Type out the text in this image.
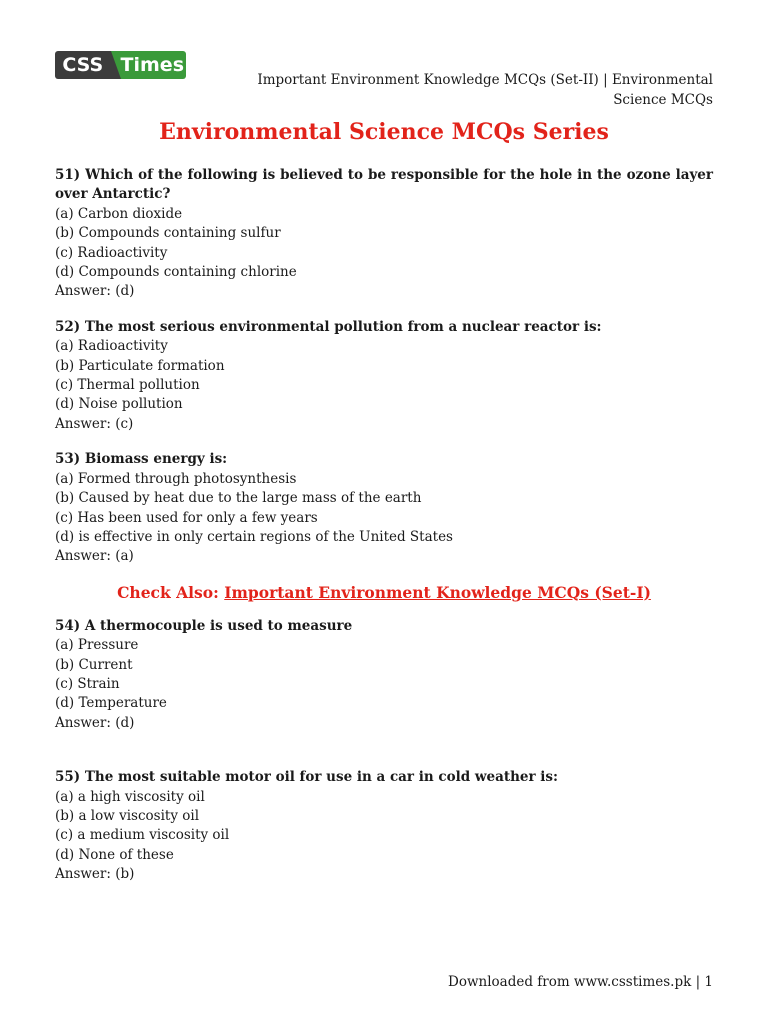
CSS Times
Important Environment Knowledge MCQs (Set-II) | Environmental
Science MCQs
Environmental Science MCQs Series
51) Which of the following is believed to be responsible for the hole in the ozone layer over Antarctic?
(a) Carbon dioxide
(b) Compounds containing sulfur
(c) Radioactivity
(d) Compounds containing chlorine
Answer: (d)
52) The most serious environmental pollution from a nuclear reactor is:
(a) Radioactivity
(b) Particulate formation
(c) Thermal pollution
(d) Noise pollution
Answer: (c)
53) Biomass energy is:
(a) Formed through photosynthesis
(b) Caused by heat due to the large mass of the earth
(c) Has been used for only a few years
(d) is effective in only certain regions of the United States
Answer: (a)
Check Also: Important Environment Knowledge MCQs (Set-I)
54) A thermocouple is used to measure
(a) Pressure
(b) Current
(c) Strain
(d) Temperature
Answer: (d)
55) The most suitable motor oil for use in a car in cold weather is:
(a) a high viscosity oil
(b) a low viscosity oil
(c) a medium viscosity oil
(d) None of these
Answer: (b)
Downloaded from www.csstimes.pk | 1
